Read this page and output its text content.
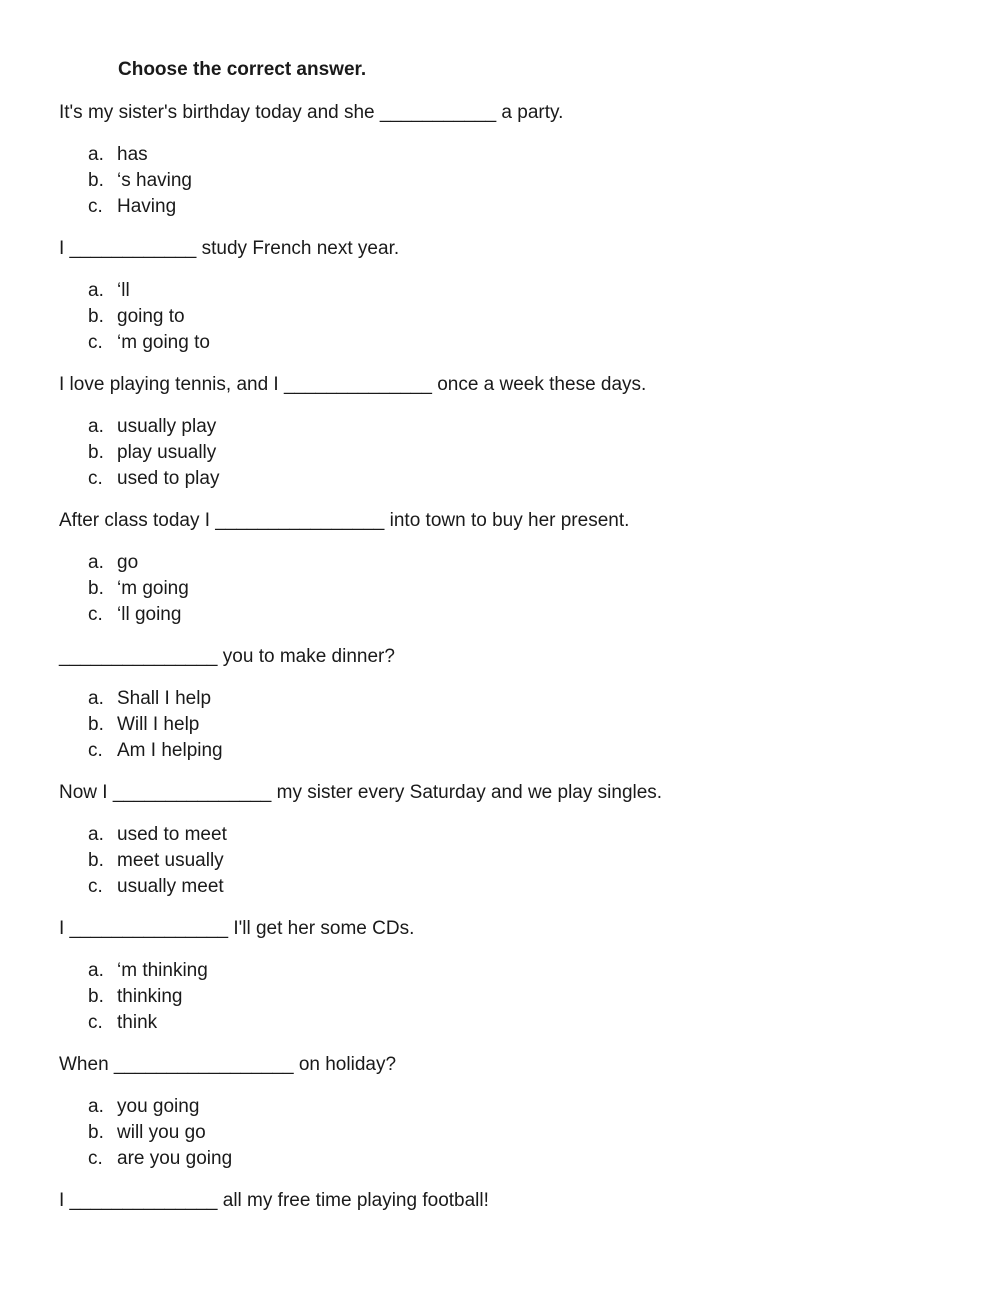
Choose the correct answer.
It's my sister's birthday today and she ___________ a party.

a.

has

b.

‘s having

c.

Having

I ____________ study French next year.

a.

‘ll

b.

going to

c.

‘m going to

I love playing tennis, and I ______________ once a week these days.

a.

usually play

b.

play usually

c.

used to play

After class today I ________________ into town to buy her present.

a.

go

b.

‘m going

c.

‘ll going

_______________ you to make dinner?

a.

Shall I help

b.

Will I help

c.

Am I helping

Now I _______________ my sister every Saturday and we play singles.

a.

used to meet

b.

meet usually

c.

usually meet

I _______________ I'll get her some CDs.

a.

‘m thinking

b.

thinking

c.

think

When _________________ on holiday?

a.

you going

b.

will you go

c.

are you going

I ______________ all my free time playing football!
